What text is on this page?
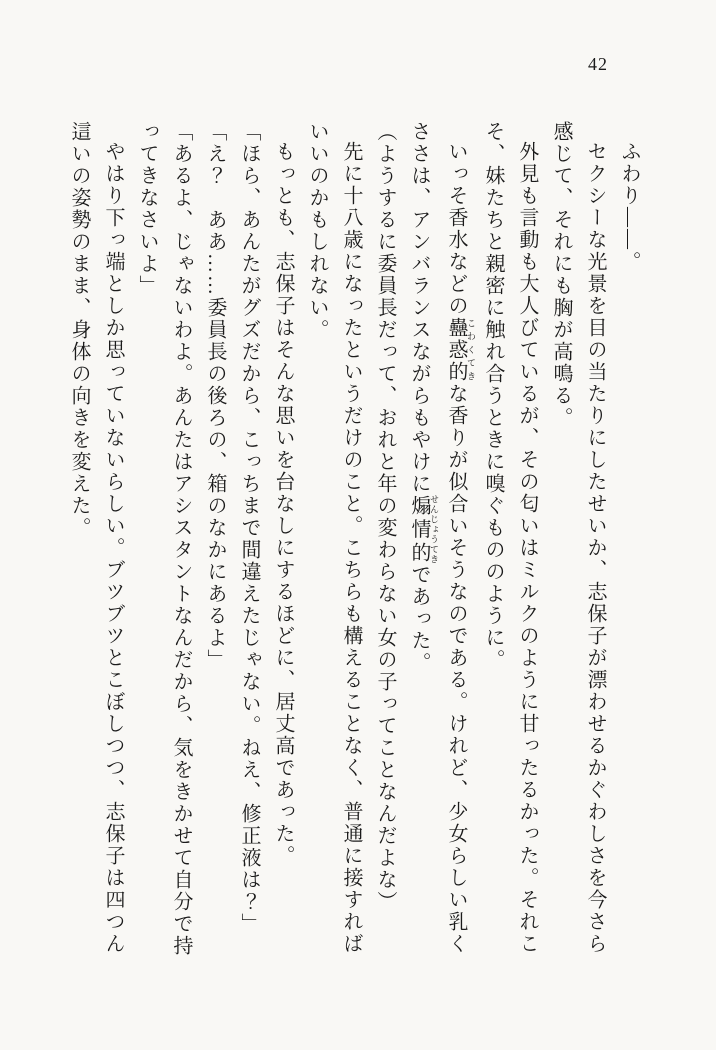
42
ふわり――。
セクシーな光景を目の当たりにしたせいか、志保子が漂わせるかぐわしさを今さら
感じて、それにも胸が高鳴る。
外見も言動も大人びているが、その匂いはミルクのように甘ったるかった。それこ
そ、妹たちと親密に触れ合うときに嗅ぐもののように。
いっそ香水などの蠱惑的 こわくてきな香りが似合いそうなのである。けれど、少女らしい乳く
ささは、アンバランスながらもやけに煽情的 せんじょうてきであった。
（ようするに委員長だって、おれと年の変わらない女の子ってことなんだよな）
先に十八歳になったというだけのこと。こちらも構えることなく、普通に接すれば
いいのかもしれない。
もっとも、志保子はそんな思いを台なしにするほどに、居丈高であった。
「ほら、あんたがグズだから、こっちまで間違えたじゃない。ねえ、修正液は？」
「え？　ああ……委員長の後ろの、箱のなかにあるよ」
「あるよ、じゃないわよ。あんたはアシスタントなんだから、気をきかせて自分で持
ってきなさいよ」
やはり下っ端としか思っていないらしい。ブツブツとこぼしつつ、志保子は四つん
這いの姿勢のまま、身体の向きを変えた。
